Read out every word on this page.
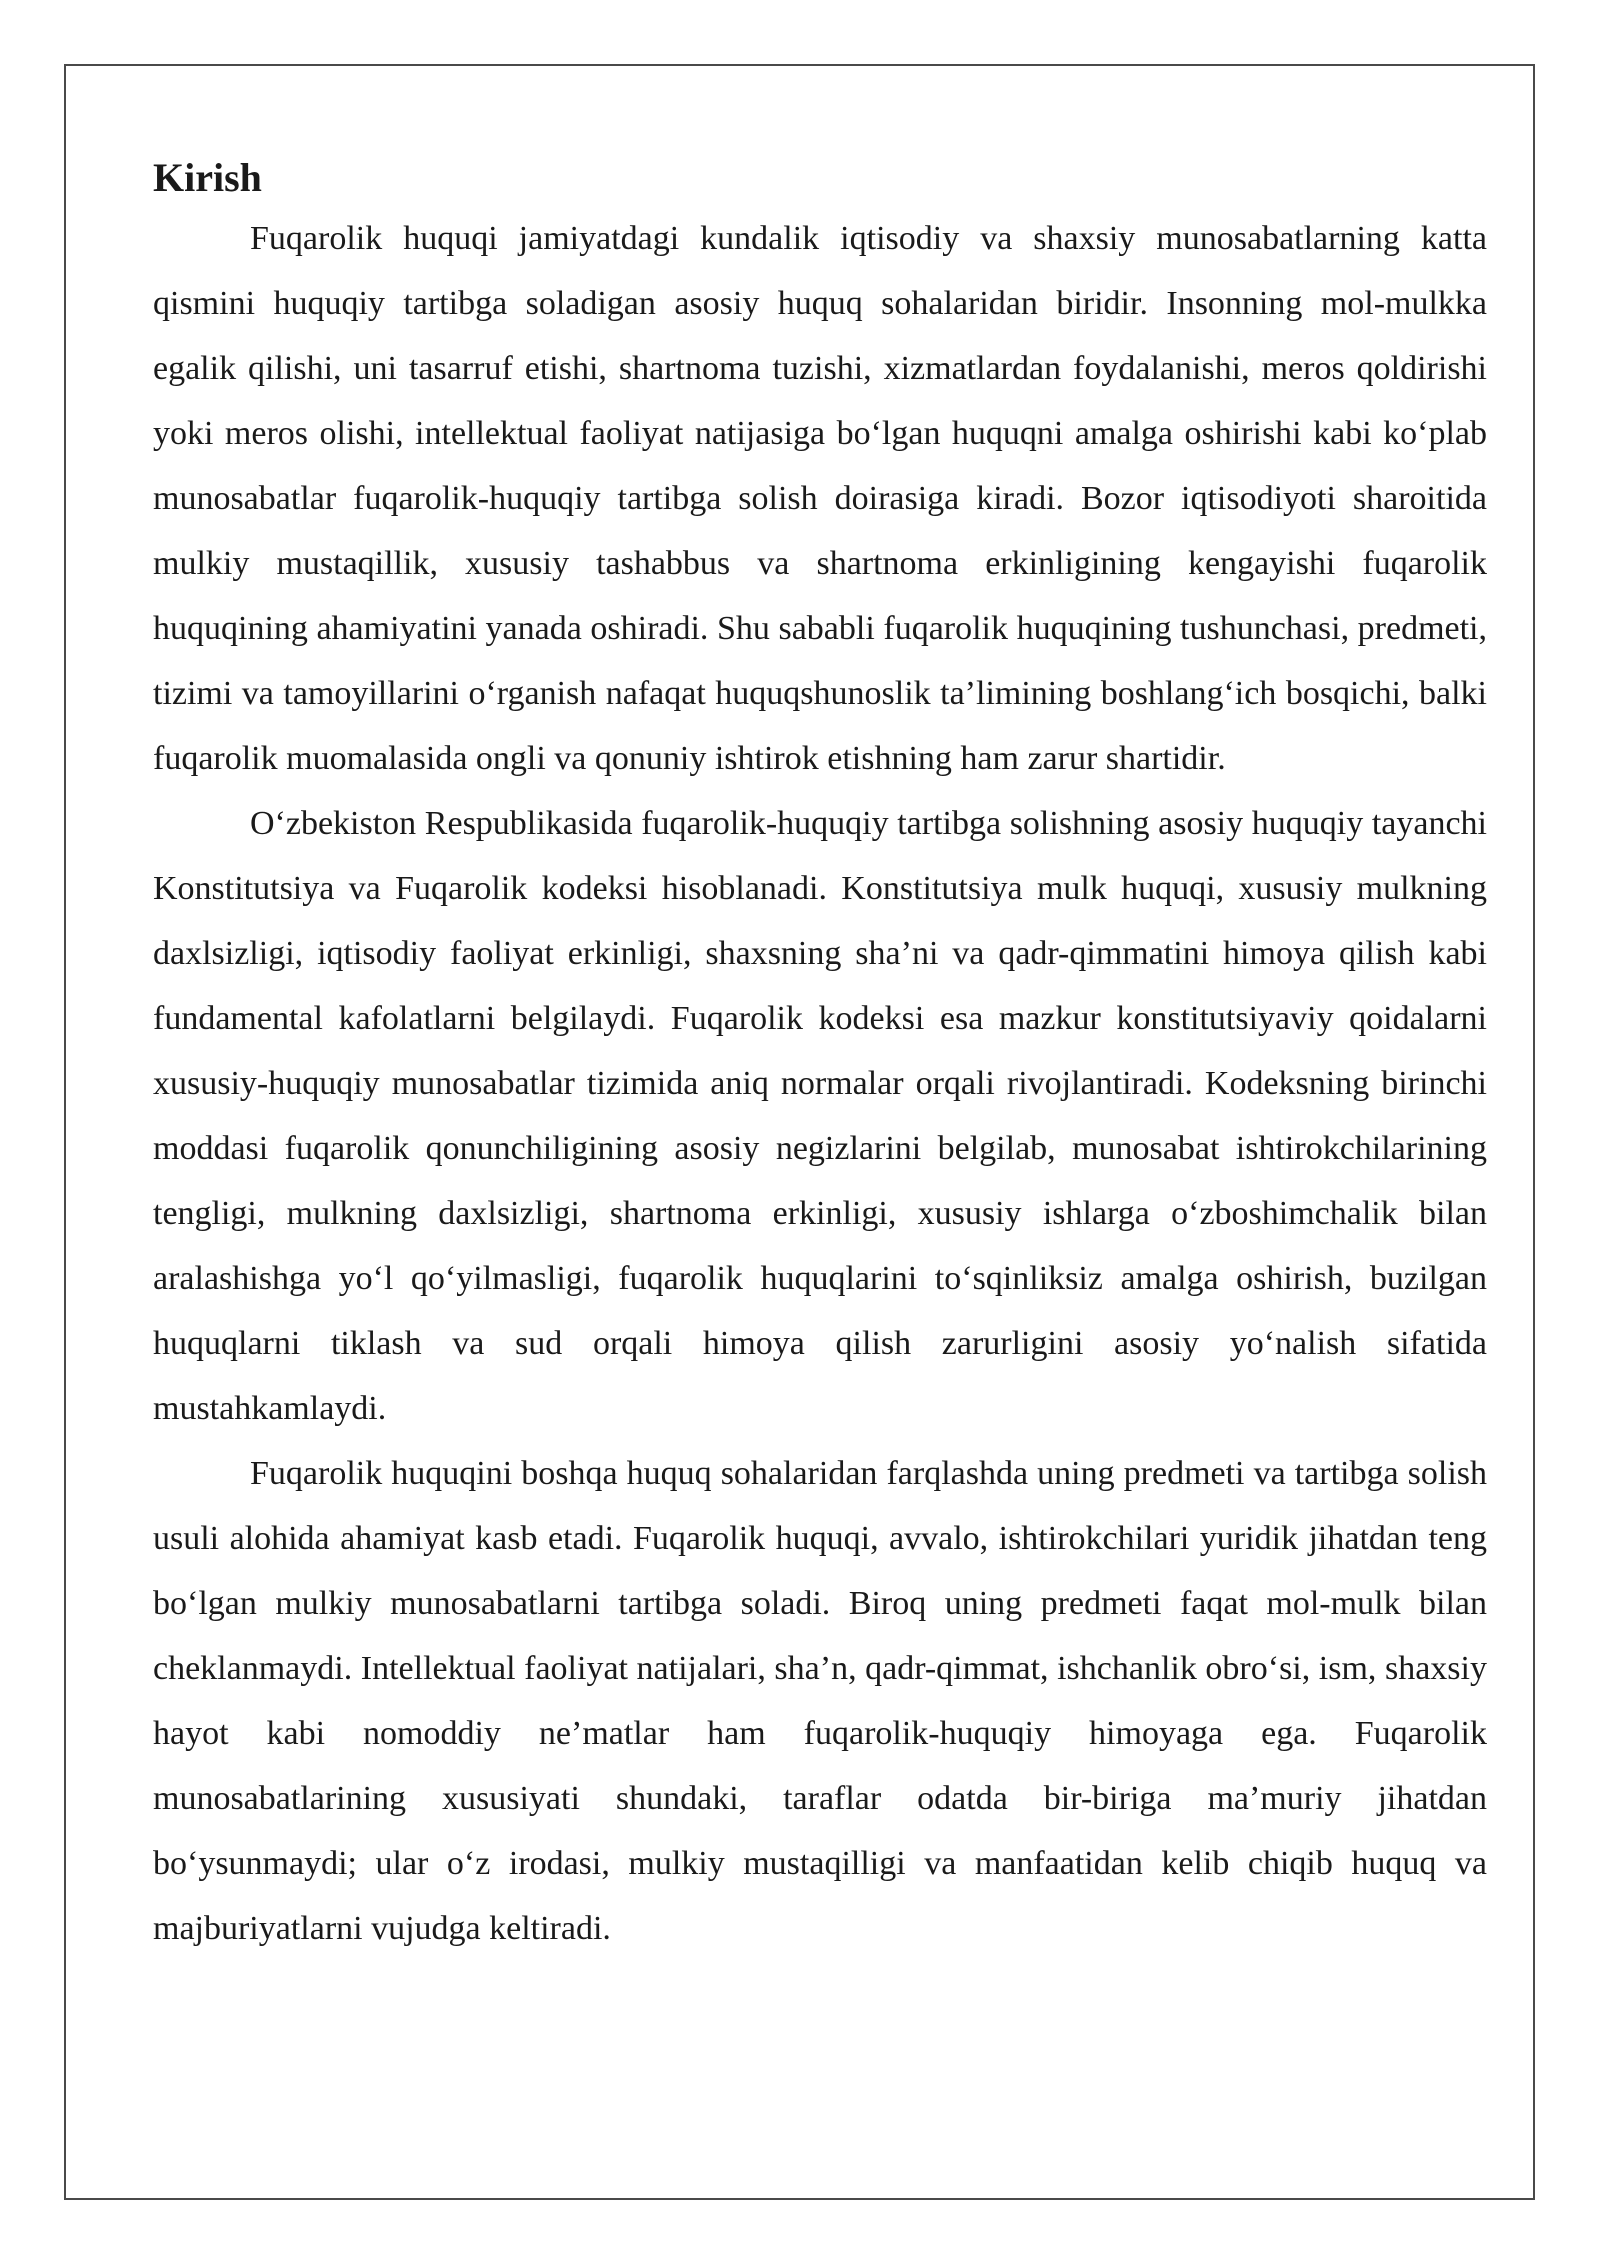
Kirish

Fuqarolik huquqi jamiyatdagi kundalik iqtisodiy va shaxsiy munosabatlarning katta qismini huquqiy tartibga soladigan asosiy huquq sohalaridan biridir. Insonning mol-mulkka egalik qilishi, uni tasarruf etishi, shartnoma tuzishi, xizmatlardan foydalanishi, meros qoldirishi yoki meros olishi, intellektual faoliyat natijasiga bo‘lgan huquqni amalga oshirishi kabi ko‘plab munosabatlar fuqarolik-huquqiy tartibga solish doirasiga kiradi. Bozor iqtisodiyoti sharoitida mulkiy mustaqillik, xususiy tashabbus va shartnoma erkinligining kengayishi fuqarolik huquqining ahamiyatini yanada oshiradi. Shu sababli fuqarolik huquqining tushunchasi, predmeti, tizimi va tamoyillarini o‘rganish nafaqat huquqshunoslik ta’limining boshlang‘ich bosqichi, balki fuqarolik muomalasida ongli va qonuniy ishtirok etishning ham zarur shartidir.

O‘zbekiston Respublikasida fuqarolik-huquqiy tartibga solishning asosiy huquqiy tayanchi Konstitutsiya va Fuqarolik kodeksi hisoblanadi. Konstitutsiya mulk huquqi, xususiy mulkning daxlsizligi, iqtisodiy faoliyat erkinligi, shaxsning sha’ni va qadr-qimmatini himoya qilish kabi fundamental kafolatlarni belgilaydi. Fuqarolik kodeksi esa mazkur konstitutsiyaviy qoidalarni xususiy-huquqiy munosabatlar tizimida aniq normalar orqali rivojlantiradi. Kodeksning birinchi moddasi fuqarolik qonunchiligining asosiy negizlarini belgilab, munosabat ishtirokchilarining tengligi, mulkning daxlsizligi, shartnoma erkinligi, xususiy ishlarga o‘zboshimchalik bilan aralashishga yo‘l qo‘yilmasligi, fuqarolik huquqlarini to‘sqinliksiz amalga oshirish, buzilgan huquqlarni tiklash va sud orqali himoya qilish zarurligini asosiy yo‘nalish sifatida mustahkamlaydi.

Fuqarolik huquqini boshqa huquq sohalaridan farqlashda uning predmeti va tartibga solish usuli alohida ahamiyat kasb etadi. Fuqarolik huquqi, avvalo, ishtirokchilari yuridik jihatdan teng bo‘lgan mulkiy munosabatlarni tartibga soladi. Biroq uning predmeti faqat mol-mulk bilan cheklanmaydi. Intellektual faoliyat natijalari, sha’n, qadr-qimmat, ishchanlik obro‘si, ism, shaxsiy hayot kabi nomoddiy ne’matlar ham fuqarolik-huquqiy himoyaga ega. Fuqarolik munosabatlarining xususiyati shundaki, taraflar odatda bir-biriga ma’muriy jihatdan bo‘ysunmaydi; ular o‘z irodasi, mulkiy mustaqilligi va manfaatidan kelib chiqib huquq va majburiyatlarni vujudga keltiradi.
